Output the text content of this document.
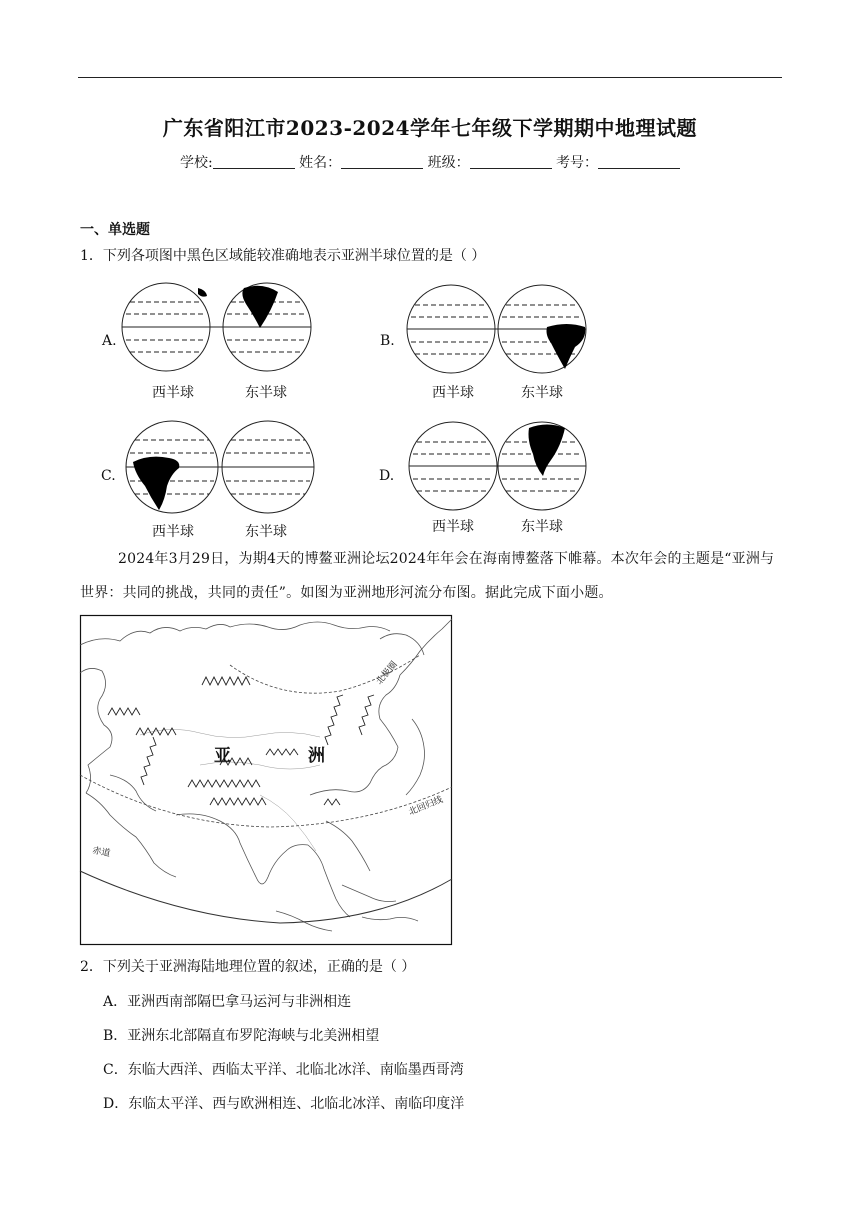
广东省阳江市2023-2024学年七年级下学期期中地理试题
学校:	姓名：	班级：	考号：
一、单选题
1．下列各项图中黑色区域能较准确地表示亚洲半球位置的是（ ）
A.
西半球	东半球
B.
西半球	东半球
C.
西半球	东半球
D.
西半球	东半球
2024年3月29日，为期4天的博鳌亚洲论坛2024年年会在海南博鳌落下帷幕。本次年会的主题是“亚洲与世界：共同的挑战，共同的责任”。如图为亚洲地形河流分布图。据此完成下面小题。
亚	洲
北极圈
北回归线
赤道
2．下列关于亚洲海陆地理位置的叙述，正确的是（ ）
A．亚洲西南部隔巴拿马运河与非洲相连
B．亚洲东北部隔直布罗陀海峡与北美洲相望
C．东临大西洋、西临太平洋、北临北冰洋、南临墨西哥湾
D．东临太平洋、西与欧洲相连、北临北冰洋、南临印度洋
